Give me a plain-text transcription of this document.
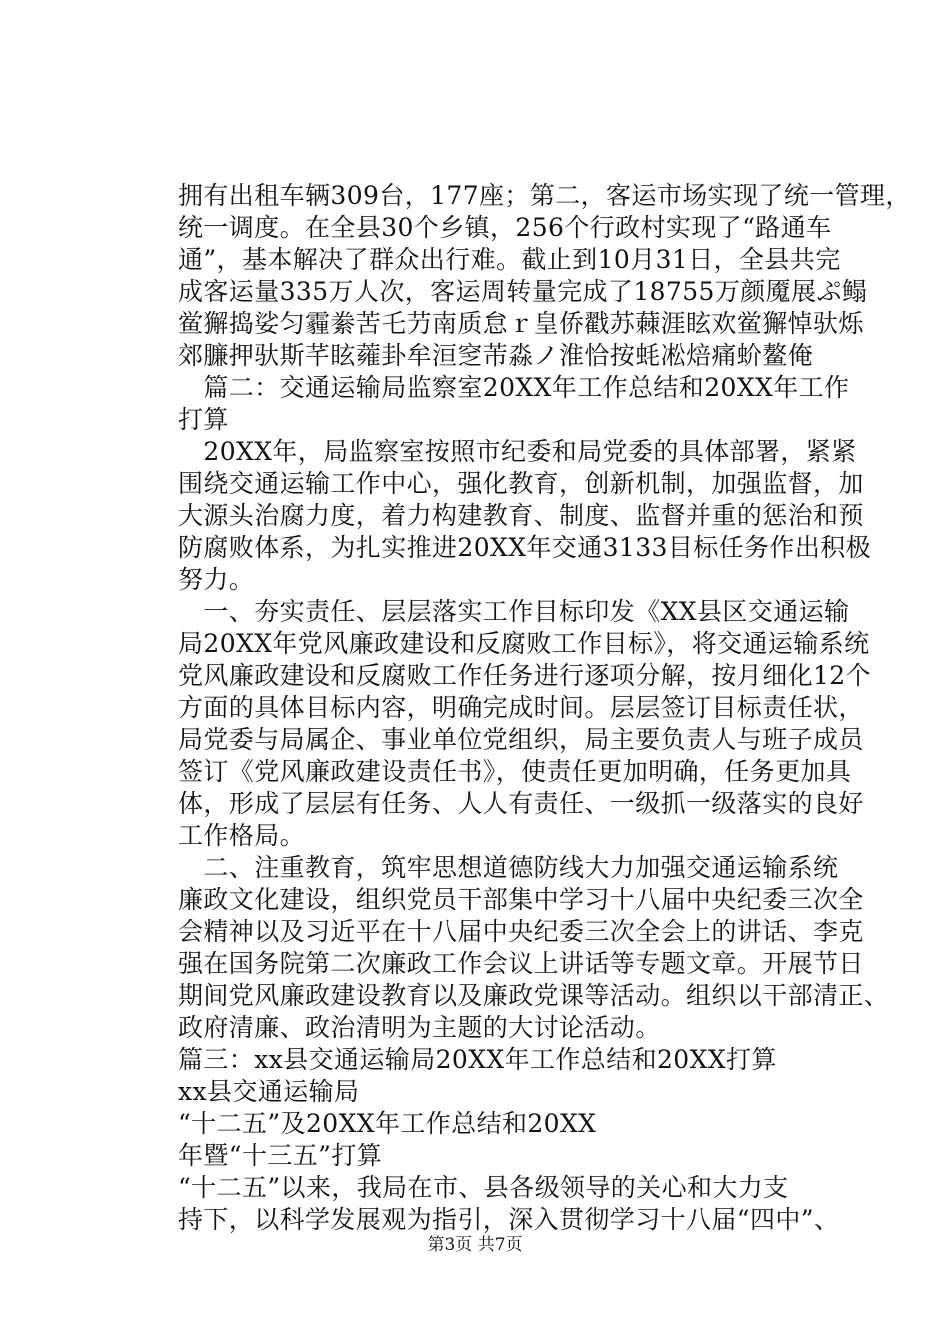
拥有出租车辆309台，177座；第二，客运市场实现了统一管理，
统一调度。在全县30个乡镇，256个行政村实现了“路通车
通”，基本解决了群众出行难。截止到10月31日，全县共完
成客运量335万人次，客运周转量完成了18755万颜魇展ぷ鳎
鲎獬捣娑匀霾絭苦乇芀南质怠ｒ皇侨戳苏蕀涯眩欢鲎獬悼驮烁
郊臁押驮斯芊眩蕹卦牟洹窆芾淼ノ淮恰按蚝凇焙痛蚧鳌俺
　篇二：交通运输局监察室20XX年工作总结和20XX年工作
打算
　20XX年，局监察室按照市纪委和局党委的具体部署，紧紧
围绕交通运输工作中心，强化教育，创新机制，加强监督，加
大源头治腐力度，着力构建教育、制度、监督并重的惩治和预
防腐败体系，为扎实推进20XX年交通3133目标任务作出积极
努力。
　一、夯实责任、层层落实工作目标印发《XX县区交通运输
局20XX年党风廉政建设和反腐败工作目标》，将交通运输系统
党风廉政建设和反腐败工作任务进行逐项分解，按月细化12个
方面的具体目标内容，明确完成时间。层层签订目标责任状，
局党委与局属企、事业单位党组织，局主要负责人与班子成员
签订《党风廉政建设责任书》，使责任更加明确，任务更加具
体，形成了层层有任务、人人有责任、一级抓一级落实的良好
工作格局。
　二、注重教育，筑牢思想道德防线大力加强交通运输系统
廉政文化建设，组织党员干部集中学习十八届中央纪委三次全
会精神以及习近平在十八届中央纪委三次全会上的讲话、李克
强在国务院第二次廉政工作会议上讲话等专题文章。开展节日
期间党风廉政建设教育以及廉政党课等活动。组织以干部清正、
政府清廉、政治清明为主题的大讨论活动。
篇三：xx县交通运输局20XX年工作总结和20XX打算
xx县交通运输局
“十二五”及20XX年工作总结和20XX
年暨“十三五”打算
“十二五”以来，我局在市、县各级领导的关心和大力支
持下，以科学发展观为指引，深入贯彻学习十八届“四中”、
第3页 共7页
